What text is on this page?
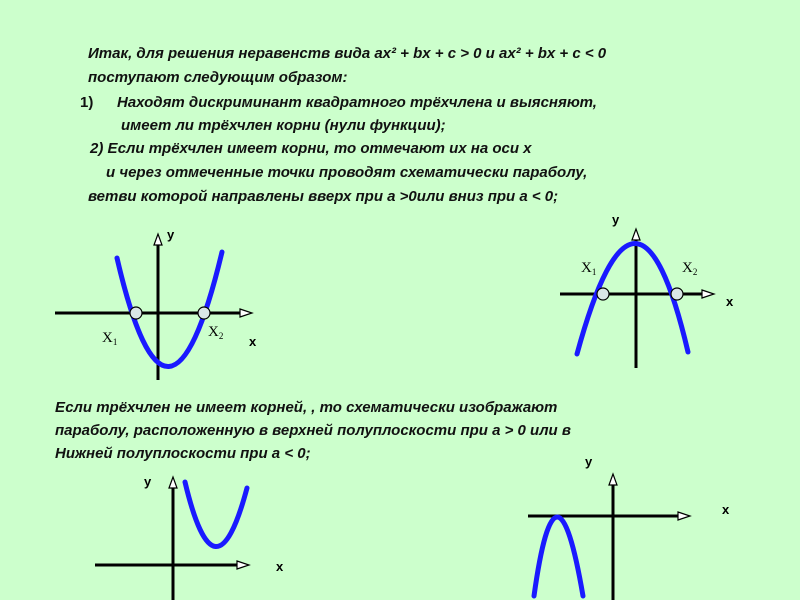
Итак, для решения неравенств вида ах² + bх + с > 0 и ах² + bх + с < 0

поступают следующим образом:

1) Находят дискриминант квадратного трёхчлена и выясняют,

имеет ли трёхчлен корни (нули функции);

2) Если трёхчлен имеет корни, то отмечают их на оси х

и через отмеченные точки проводят схематически параболу,

ветви которой направлены вверх при а >0или вниз при а < 0;

Если трёхчлен не имеет корней, , то схематически изображают

параболу, расположенную в верхней полуплоскости при а > 0 или в

Нижней полуплоскости при а < 0;

у
х
$X_1$
$X_2$
у
х
$X_1$	$X_2$
у
х
у
х
